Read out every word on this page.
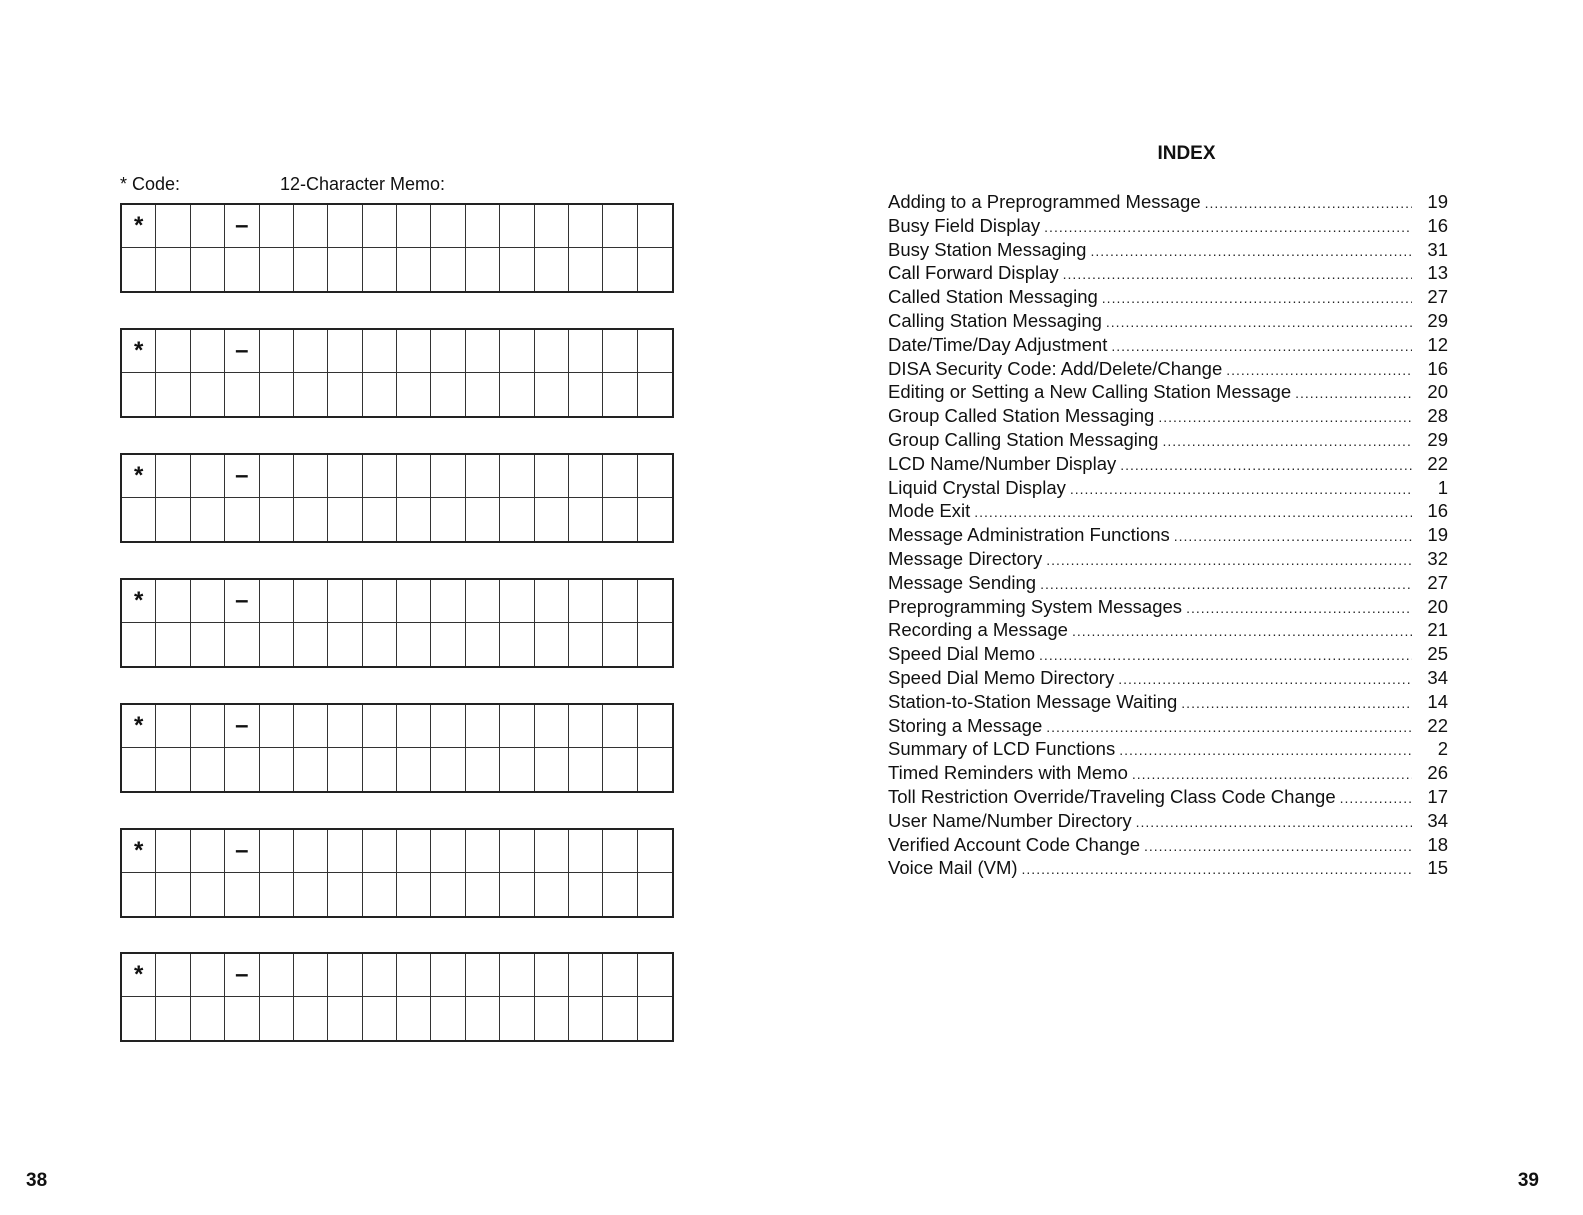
* Code:	12-Character Memo:
*	–
*	–
*	–
*	–
*	–
*	–
*	–
38
INDEX
Adding to a Preprogrammed Message .....	19
Busy Field Display .....	16
Busy Station Messaging .....	31
Call Forward Display .....	13
Called Station Messaging .....	27
Calling Station Messaging .....	29
Date/Time/Day Adjustment .....	12
DISA Security Code: Add/Delete/Change .....	16
Editing or Setting a New Calling Station Message .....	20
Group Called Station Messaging .....	28
Group Calling Station Messaging .....	29
LCD Name/Number Display .....	22
Liquid Crystal Display .....	1
Mode Exit .....	16
Message Administration Functions .....	19
Message Directory .....	32
Message Sending .....	27
Preprogramming System Messages .....	20
Recording a Message .....	21
Speed Dial Memo .....	25
Speed Dial Memo Directory .....	34
Station-to-Station Message Waiting .....	14
Storing a Message .....	22
Summary of LCD Functions .....	2
Timed Reminders with Memo .....	26
Toll Restriction Override/Traveling Class Code Change .....	17
User Name/Number Directory .....	34
Verified Account Code Change .....	18
Voice Mail (VM) .....	15
39
